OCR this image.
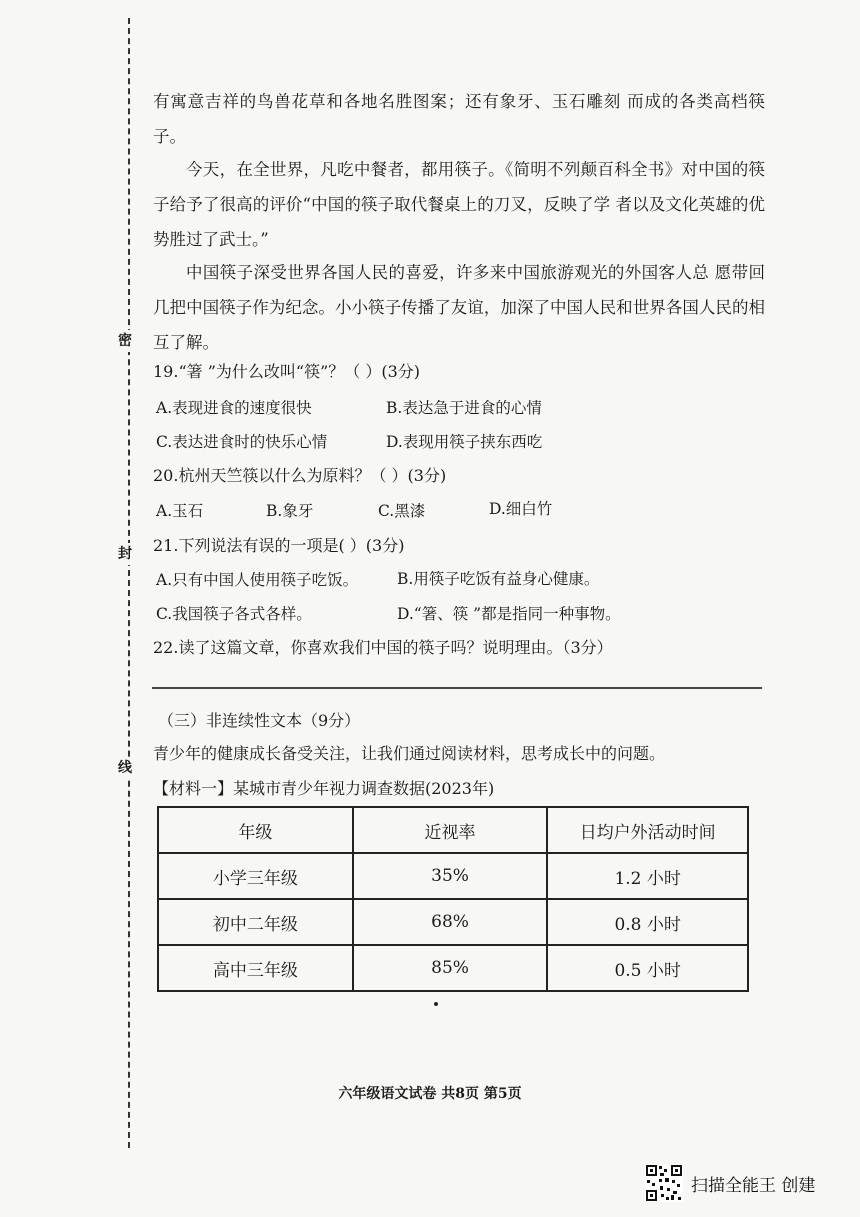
密
封
线

有寓意吉祥的鸟兽花草和各地名胜图案；还有象牙、玉石雕刻 而成的各类高档筷子。

今天，在全世界，凡吃中餐者，都用筷子。《简明不列颠百科全书》对中国的筷子给予了很高的评价“中国的筷子取代餐桌上的刀叉，反映了学 者以及文化英雄的优势胜过了武士。”

中国筷子深受世界各国人民的喜爱，许多来中国旅游观光的外国客人总 愿带回几把中国筷子作为纪念。小小筷子传播了友谊，加深了中国人民和世界各国人民的相互了解。

19.“箸 ”为什么改叫“筷”？（ ）(3分)
A.表现进食的速度很快	B.表达急于进食的心情
C.表达进食时的快乐心情	D.表现用筷子挟东西吃
20.杭州天竺筷以什么为原料？（ ）(3分)
A.玉石	B.象牙	C.黑漆	D.细白竹
21.下列说法有误的一项是( ）(3分)
A.只有中国人使用筷子吃饭。	B.用筷子吃饭有益身心健康。
C.我国筷子各式各样。	D.“箸、筷 ”都是指同一种事物。
22.读了这篇文章，你喜欢我们中国的筷子吗？说明理由。（3分）
（三）非连续性文本（9分）
青少年的健康成长备受关注，让我们通过阅读材料，思考成长中的问题。
【材料一】某城市青少年视力调查数据(2023年)
年级	近视率	日均户外活动时间
小学三年级	35%	1.2 小时
初中二年级	68%	0.8 小时
高中三年级	85%	0.5 小时
六年级语文试卷 共8页 第5页
扫描全能王 创建
